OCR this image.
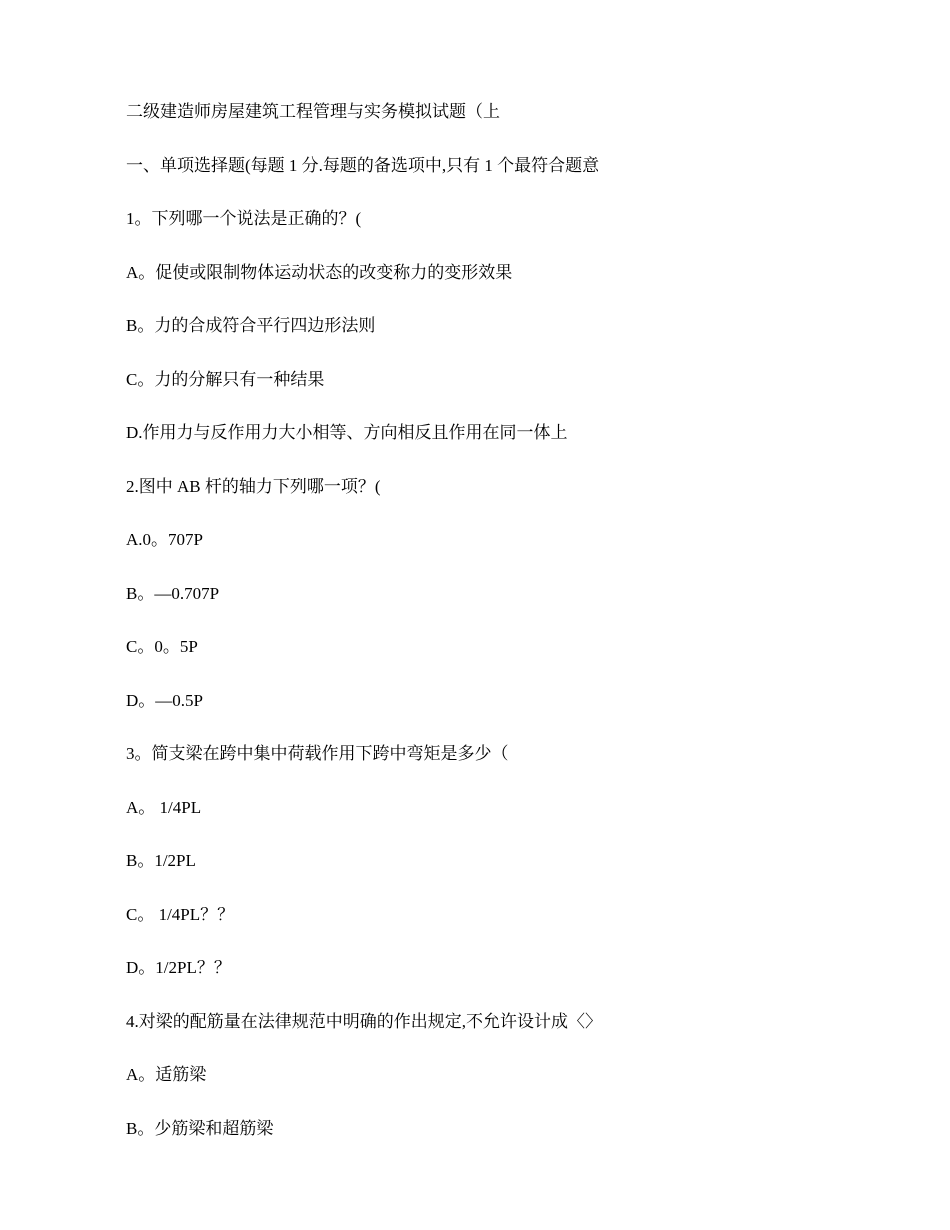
二级建造师房屋建筑工程管理与实务模拟试题（上
一、单项选择题(每题 1 分.每题的备选项中,只有 1 个最符合题意
1。下列哪一个说法是正确的？(
A。促使或限制物体运动状态的改变称力的变形效果
B。力的合成符合平行四边形法则
C。力的分解只有一种结果
D.作用力与反作用力大小相等、方向相反且作用在同一体上
2.图中 AB 杆的轴力下列哪一项？(
A.0。707P
B。—0.707P
C。0。5P
D。—0.5P
3。简支梁在跨中集中荷载作用下跨中弯矩是多少（
A。 1/4PL
B。1/2PL
C。 1/4PL？？
D。1/2PL？？
4.对梁的配筋量在法律规范中明确的作出规定,不允许设计成〈〉
A。适筋梁
B。少筋梁和超筋梁
